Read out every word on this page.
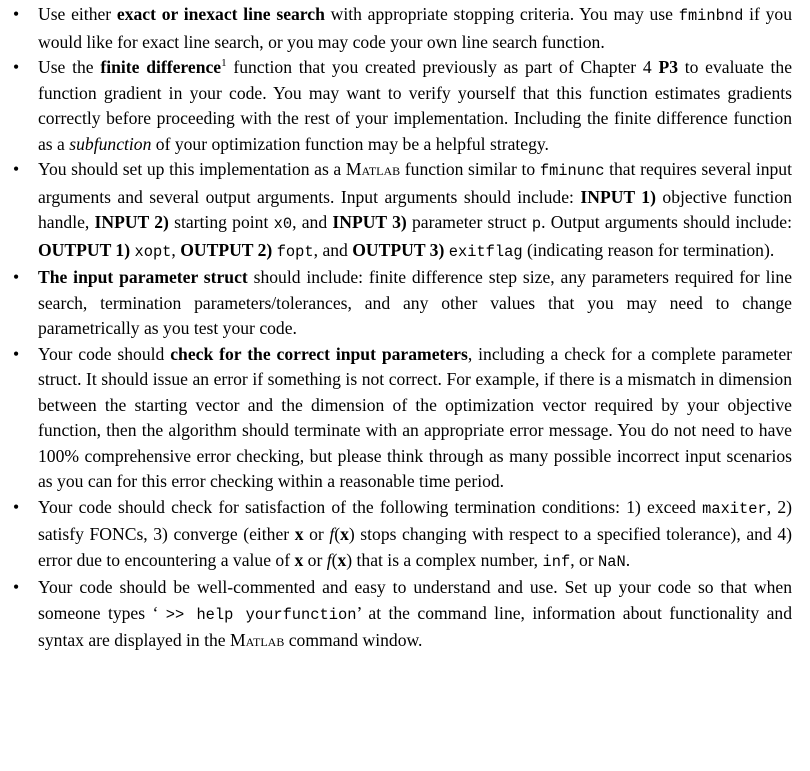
• Use either exact or inexact line search with appropriate stopping criteria. You may use fminbnd if you would like for exact line search, or you may code your own line search function.

• Use the finite difference$^1$ function that you created previously as part of Chapter 4 P3 to evaluate the function gradient in your code. You may want to verify yourself that this function estimates gradients correctly before proceeding with the rest of your implementation. Including the finite difference function as a subfunction of your optimization function may be a helpful strategy.

• You should set up this implementation as a Matlab function similar to fminunc that requires several input arguments and several output arguments. Input arguments should include: INPUT 1) objective function handle, INPUT 2) starting point x0, and INPUT 3) parameter struct p. Output arguments should include: OUTPUT 1) xopt, OUTPUT 2) fopt, and OUTPUT 3) exitflag (indicating reason for termination).

• The input parameter struct should include: finite difference step size, any parameters required for line search, termination parameters/tolerances, and any other values that you may need to change parametrically as you test your code.

• Your code should check for the correct input parameters, including a check for a complete parameter struct. It should issue an error if something is not correct. For example, if there is a mismatch in dimension between the starting vector and the dimension of the optimization vector required by your objective function, then the algorithm should terminate with an appropriate error message. You do not need to have 100% comprehensive error checking, but please think through as many possible incorrect input scenarios as you can for this error checking within a reasonable time period.

• Your code should check for satisfaction of the following termination conditions: 1) exceed maxiter, 2) satisfy FONCs, 3) converge (either x or f(x) stops changing with respect to a specified tolerance), and 4) error due to encountering a value of x or f(x) that is a complex number, inf, or NaN.

• Your code should be well-commented and easy to understand and use. Set up your code so that when someone types ‘ >> help yourfunction’ at the command line, information about functionality and syntax are displayed in the Matlab command window.
